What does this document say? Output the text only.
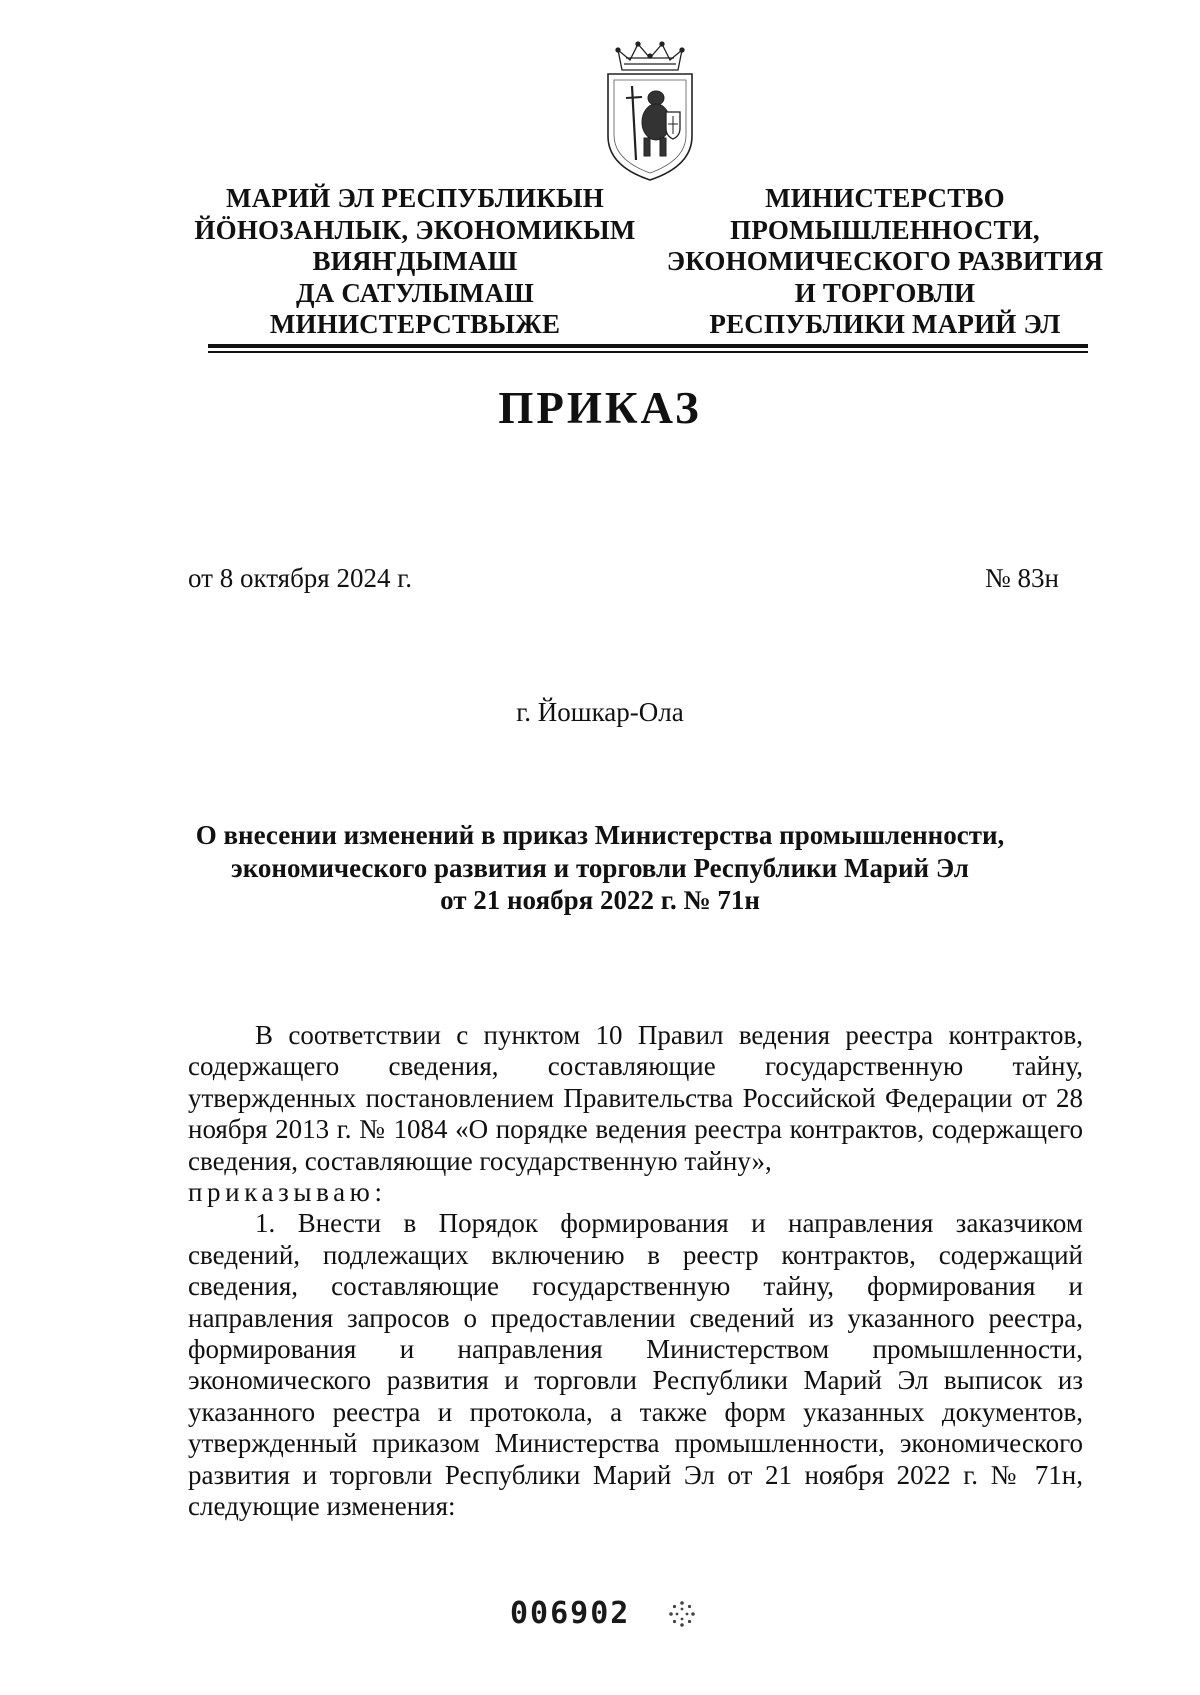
МАРИЙ ЭЛ РЕСПУБЛИКЫН
ЙӦНОЗАНЛЫК, ЭКОНОМИКЫМ
ВИЯҤДЫМАШ
ДА САТУЛЫМАШ
МИНИСТЕРСТВЫЖЕ
МИНИСТЕРСТВО
ПРОМЫШЛЕННОСТИ,
ЭКОНОМИЧЕСКОГО РАЗВИТИЯ
И ТОРГОВЛИ
РЕСПУБЛИКИ МАРИЙ ЭЛ
ПРИКАЗ
от 8 октября 2024 г.	№ 83н
г. Йошкар-Ола
О внесении изменений в приказ Министерства промышленности,
экономического развития и торговли Республики Марий Эл
от 21 ноября 2022 г. № 71н

В соответствии с пунктом 10 Правил ведения реестра контрактов, содержащего сведения, составляющие государственную тайну, утвержденных постановлением Правительства Российской Федерации от 28 ноября 2013 г. № 1084 «О порядке ведения реестра контрактов, содержащего сведения, составляющие государственную тайну»,

приказываю:

1. Внести в Порядок формирования и направления заказчиком сведений, подлежащих включению в реестр контрактов, содержащий сведения, составляющие государственную тайну, формирования и направления запросов о предоставлении сведений из указанного реестра, формирования и направления Министерством промышленности, экономического развития и торговли Республики Марий Эл выписок из указанного реестра и протокола, а также форм указанных документов, утвержденный приказом Министерства промышленности, экономического развития и торговли Республики Марий Эл от 21 ноября 2022 г. № 71н, следующие изменения:

006902
